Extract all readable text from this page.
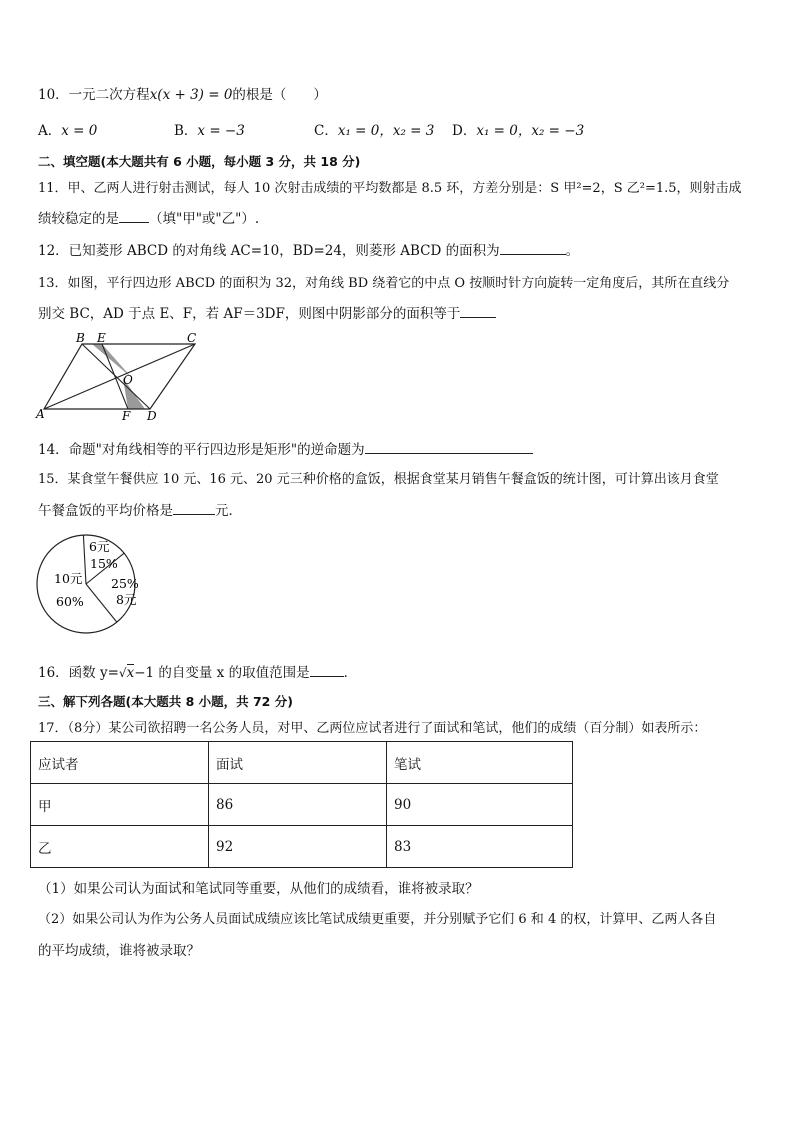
10．一元二次方程x(x + 3) = 0的根是（　　）
A．x = 0	B．x = −3	C．x₁ = 0，x₂ = 3 D．x₁ = 0，x₂ = −3
二、填空题(本大题共有 6 小题，每小题 3 分，共 18 分)
11．甲、乙两人进行射击测试，每人 10 次射击成绩的平均数都是 8.5 环，方差分别是：S 甲²=2，S 乙²=1.5，则射击成
绩较稳定的是 （填"甲"或"乙"）.
12．已知菱形 ABCD 的对角线 AC=10，BD=24，则菱形 ABCD 的面积为	。
13．如图，平行四边形 ABCD 的面积为 32，对角线 BD 绕着它的中点 O 按顺时针方向旋转一定角度后，其所在直线分
别交 BC，AD 于点 E、F，若 AF＝3DF，则图中阴影部分的面积等于
B E	C
O
A	F D
14．命题"对角线相等的平行四边形是矩形"的逆命题为
15．某食堂午餐供应 10 元、16 元、20 元三种价格的盒饭，根据食堂某月销售午餐盒饭的统计图，可计算出该月食堂
午餐盒饭的平均价格是	元．
6元
15%
25%
8元
10元
60%
16．函数 y=√x−1 的自变量 x 的取值范围是	．
三、解下列各题(本大题共 8 小题，共 72 分)
17．（8分）某公司欲招聘一名公务人员，对甲、乙两位应试者进行了面试和笔试，他们的成绩（百分制）如表所示：
应试者	面试	笔试
甲	86	90
乙	92	83
（1）如果公司认为面试和笔试同等重要，从他们的成绩看，谁将被录取？
（2）如果公司认为作为公务人员面试成绩应该比笔试成绩更重要，并分别赋予它们 6 和 4 的权，计算甲、乙两人各自
的平均成绩，谁将被录取？
